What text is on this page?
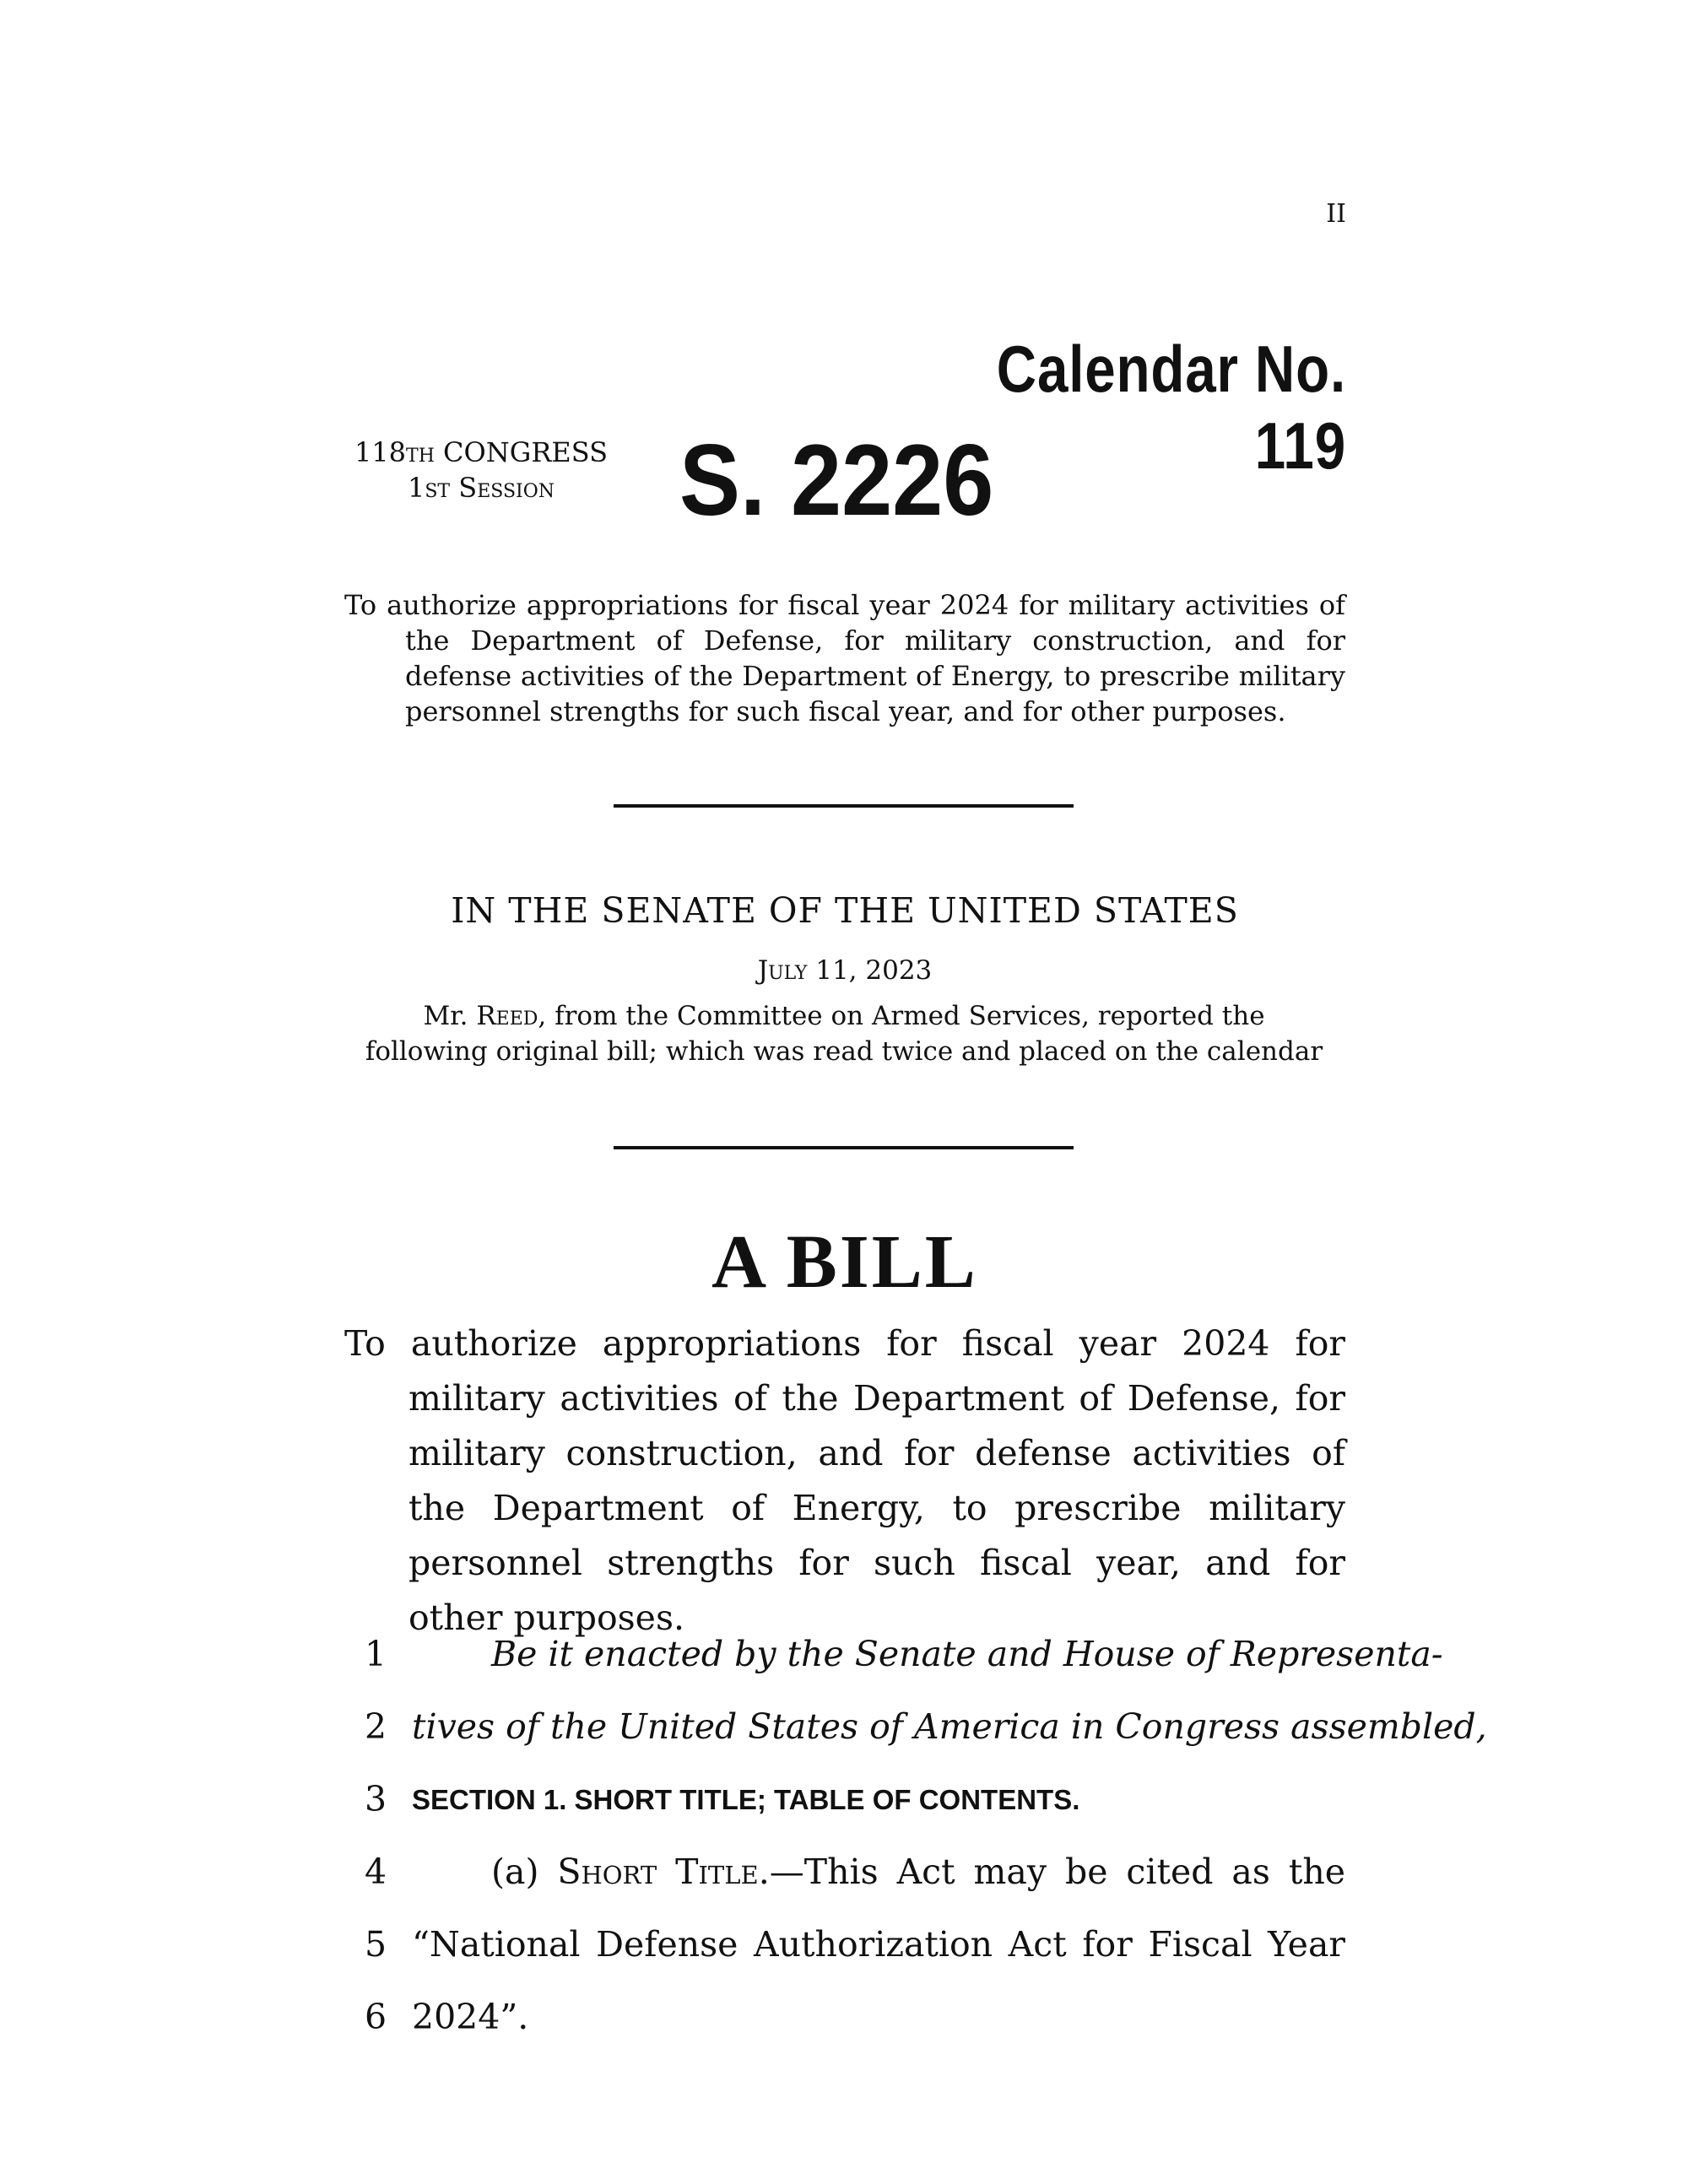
II
Calendar No. 119
118th CONGRESS
1st Session	S. 2226
To authorize appropriations for fiscal year 2024 for military activities of the Department of Defense, for military construction, and for defense activities of the Department of Energy, to prescribe military personnel strengths for such fiscal year, and for other purposes.
IN THE SENATE OF THE UNITED STATES
July 11, 2023
Mr. Reed, from the Committee on Armed Services, reported the following original bill; which was read twice and placed on the calendar
A BILL
To authorize appropriations for fiscal year 2024 for military activities of the Department of Defense, for military construction, and for defense activities of the Department of Energy, to prescribe military personnel strengths for such fiscal year, and for other purposes.
1	Be it enacted by the Senate and House of Representa-
2 tives of the United States of America in Congress assembled,
3 SECTION 1. SHORT TITLE; TABLE OF CONTENTS.
4	(a) Short Title.—This Act may be cited as the
5 “National Defense Authorization Act for Fiscal Year
6 2024”.
